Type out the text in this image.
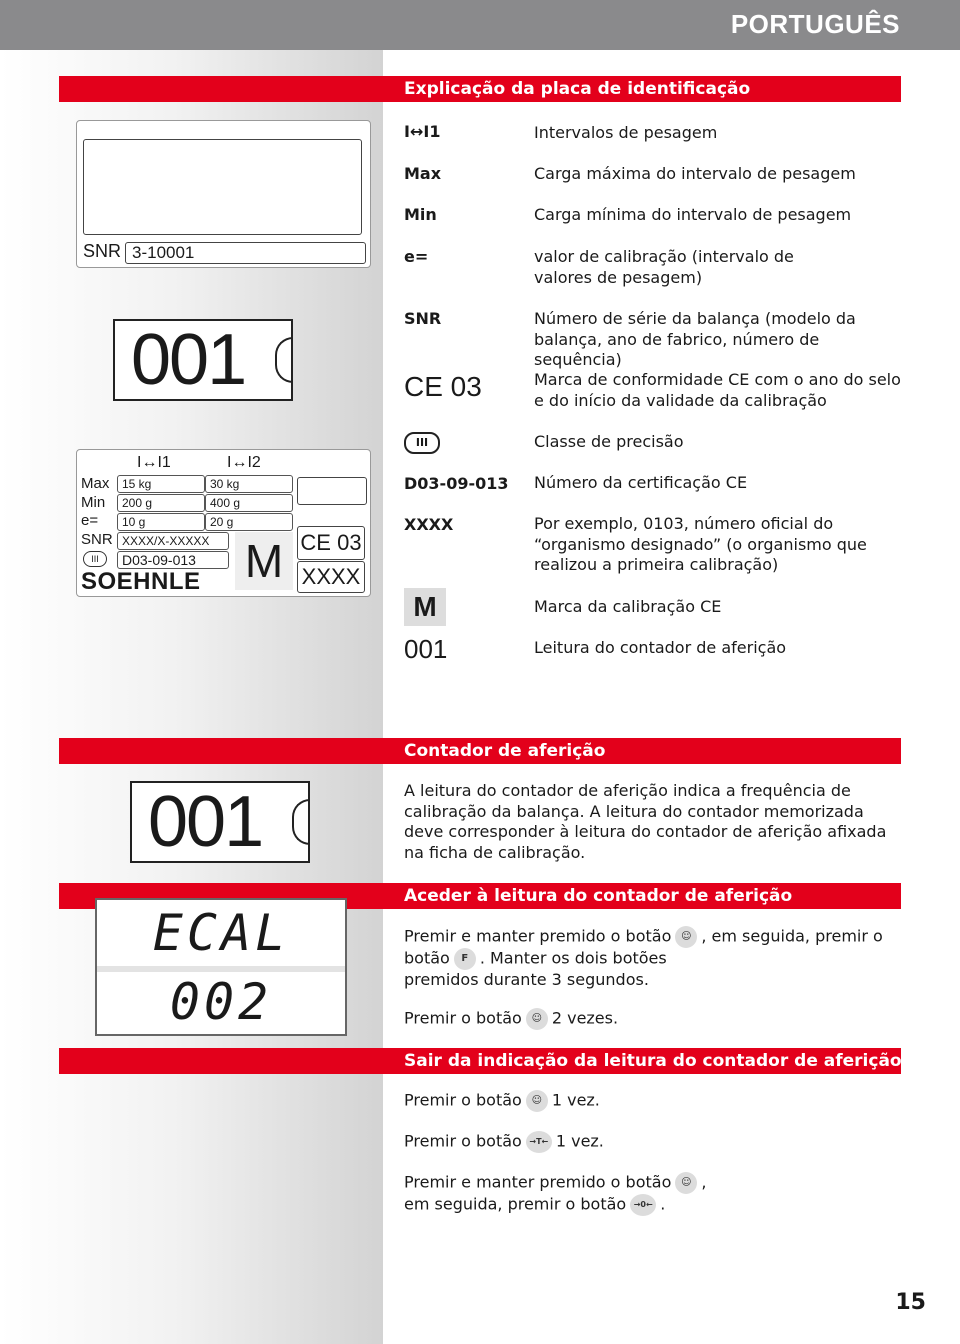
PORTUGUÊS
SNR 3-10001
001
I↔I1	I↔I2
Max	15 kg	30 kg
Min	200 g	400 g
e=	10 g	20 g
SNR XXXX/X-XXXXX
III	D03-09-013
SOEHNLE M CE 03
XXXX
Explicação da placa de identificação
I↔I1	Intervalos de pesagem
Max	Carga máxima do intervalo de pesagem
Min	Carga mínima do intervalo de pesagem
e=	valor de calibração (intervalo de valores de pesagem)
SNR	Número de série da balança (modelo da balança, ano de fabrico, número de sequência)
CE 03	Marca de conformidade CE com o ano do selo e do início da validade da calibração
III	Classe de precisão
D03-09-013 Número da certificação CE
XXXX	Por exemplo, 0103, número oficial do “organismo designado” (o organismo que realizou a primeira calibração)
M	Marca da calibração CE
001	Leitura do contador de aferição
Contador de aferição
001	A leitura do contador de aferição indica a frequência de calibração da balança. A leitura do contador memorizada deve corresponder à leitura do contador de aferição afixada na ficha de calibração.
Aceder à leitura do contador de aferição
ECAL
002
Premir e manter premido o botão ☺ , em seguida, premir o
botão F . Manter os dois botões
premidos durante 3 segundos.
Premir o botão ☺ 2 vezes.
Sair da indicação da leitura do contador de aferição
Premir o botão ☺ 1 vez.
Premir o botão →T← 1 vez.
Premir e manter premido o botão ☺ ,
em seguida, premir o botão →0← .
15
